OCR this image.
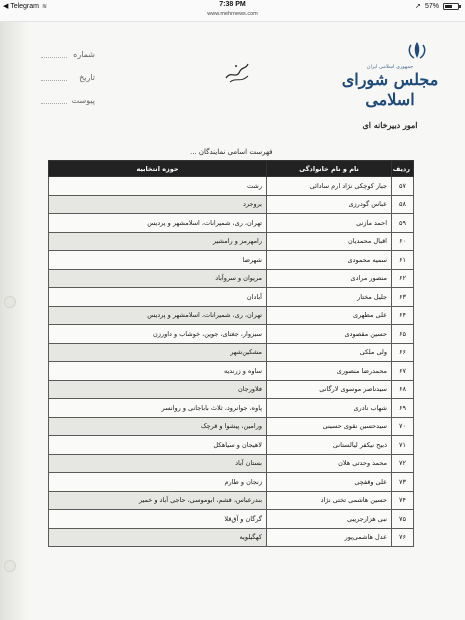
◀ Telegram ≋	7:38 PM
www.mehrnews.com
➚ 57%
شماره
تاریخ
پیوست
جمهوری اسلامی ایران
مجلس شورای اسلامی
امور دبیرخانه ای
فهرست اسامی نمایندگان ...
ردیف	نام و نام خانوادگی	حوزه انتخابیه
۵۷	جبار کوچکی نژاد ارم سادائی	رشت
۵۸	عباس گودرزی	بروجرد
۵۹	احمد مازنی	تهران، ری، شمیرانات، اسلامشهر و پردیس
۶۰	اقبال محمدیان	رامهرمز و رامشیر
۶۱	سمیه محمودی	شهرضا
۶۲	منصور مرادی	مریوان و سروآباد
۶۳	جلیل مختار	آبادان
۶۴	علی مطهری	تهران، ری، شمیرانات، اسلامشهر و پردیس
۶۵	حسین مقصودی	سبزوار، جغتای، جوین، خوشاب و داورزن
۶۶	ولی ملکی	مشکین‌شهر
۶۷	محمدرضا منصوری	ساوه و زرندیه
۶۸	سیدناصر موسوی لارگانی	فلاورجان
۶۹	شهاب نادری	پاوه، جوانرود، ثلاث باباجانی و روانسر
۷۰	سیدحسین نقوی حسینی	ورامین، پیشوا و قرچک
۷۱	ذبیح نیکفر لیالستانی	لاهیجان و سیاهکل
۷۲	محمد وحدتی هلان	بستان آباد
۷۳	علی وقفچی	زنجان و طارم
۷۴	حسین هاشمی تختی نژاد	بندرعباس، قشم، ابوموسی، حاجی آباد و خمیر
۷۵	نبی هزارجریبی	گرگان و آق‌قلا
۷۶	عدل هاشمی‌پور	کهگیلویه
